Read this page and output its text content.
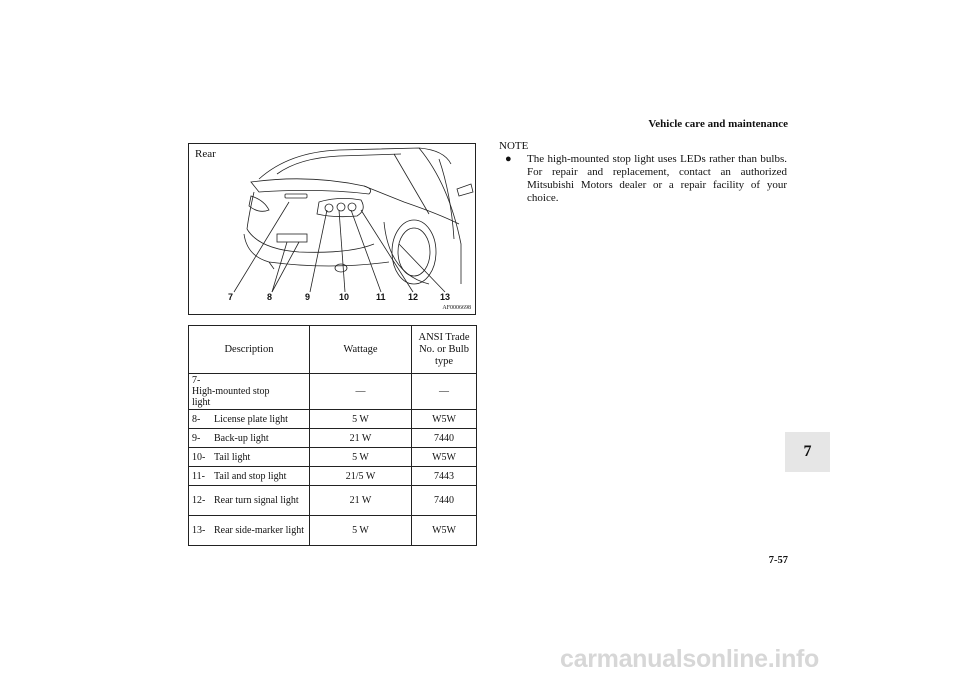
Vehicle care and maintenance
Rear
7	8	9	10	11 12 13
AF0006698
Description	Wattage	ANSI Trade No. or Bulb type
7-High-mounted stop light	—	—
8- License plate light	5 W	W5W
9- Back-up light	21 W	7440
10- Tail light	5 W	W5W
11- Tail and stop light	21/5 W	7443
12- Rear turn signal light	21 W	7440
13- Rear side-marker light	5 W	W5W
NOTE
●	The high-mounted stop light uses LEDs rather than bulbs. For repair and replacement, contact an authorized Mitsubishi Motors dealer or a repair facility of your choice.
7
7-57
carmanualsonline.info
